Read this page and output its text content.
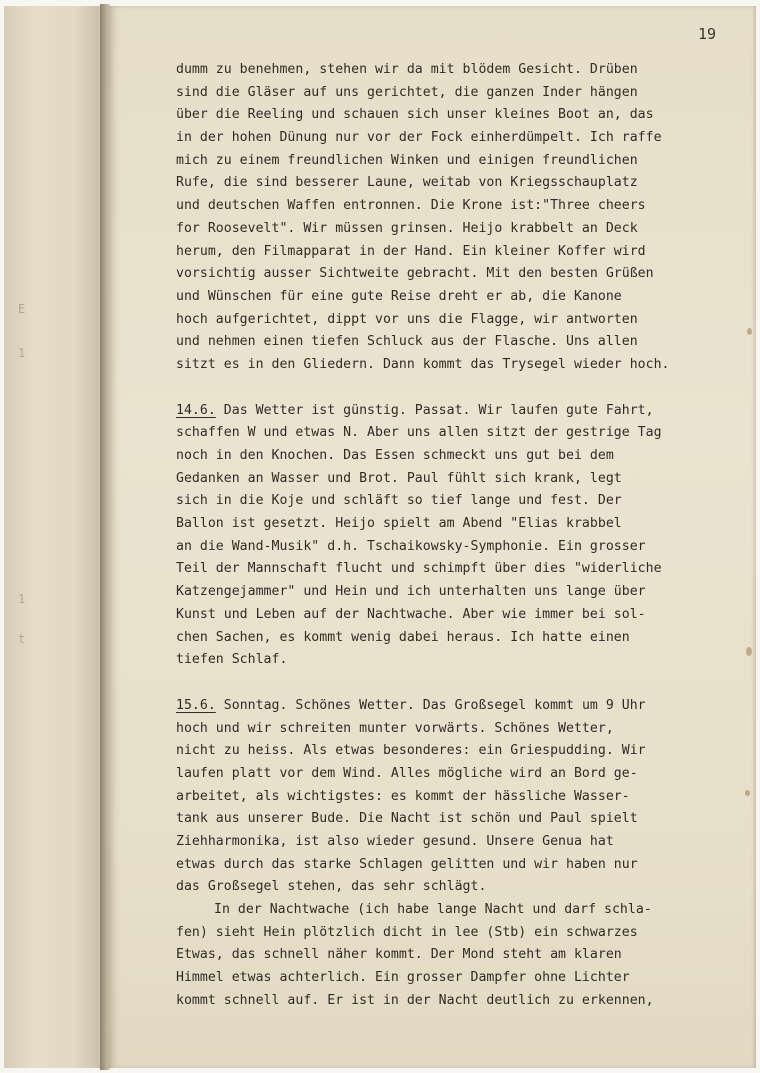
E
1
1
t
19
dumm zu benehmen, stehen wir da mit blödem Gesicht. Drüben
sind die Gläser auf uns gerichtet, die ganzen Inder hängen
über die Reeling und schauen sich unser kleines Boot an, das
in der hohen Dünung nur vor der Fock einherdümpelt. Ich raffe
mich zu einem freundlichen Winken und einigen freundlichen
Rufe, die sind besserer Laune, weitab von Kriegsschauplatz
und deutschen Waffen entronnen. Die Krone ist:"Three cheers
for Roosevelt". Wir müssen grinsen. Heijo krabbelt an Deck
herum, den Filmapparat in der Hand. Ein kleiner Koffer wird
vorsichtig ausser Sichtweite gebracht. Mit den besten Grüßen
und Wünschen für eine gute Reise dreht er ab, die Kanone
hoch aufgerichtet, dippt vor uns die Flagge, wir antworten
und nehmen einen tiefen Schluck aus der Flasche. Uns allen
sitzt es in den Gliedern. Dann kommt das Trysegel wieder hoch.
14.6. Das Wetter ist günstig. Passat. Wir laufen gute Fahrt,
schaffen W und etwas N. Aber uns allen sitzt der gestrige Tag
noch in den Knochen. Das Essen schmeckt uns gut bei dem
Gedanken an Wasser und Brot. Paul fühlt sich krank, legt
sich in die Koje und schläft so tief lange und fest. Der
Ballon ist gesetzt. Heijo spielt am Abend "Elias krabbel
an die Wand-Musik" d.h. Tschaikowsky-Symphonie. Ein grosser
Teil der Mannschaft flucht und schimpft über dies "widerliche
Katzengejammer" und Hein und ich unterhalten uns lange über
Kunst und Leben auf der Nachtwache. Aber wie immer bei sol-
chen Sachen, es kommt wenig dabei heraus. Ich hatte einen
tiefen Schlaf.
15.6. Sonntag. Schönes Wetter. Das Großsegel kommt um 9 Uhr
hoch und wir schreiten munter vorwärts. Schönes Wetter,
nicht zu heiss. Als etwas besonderes: ein Griespudding. Wir
laufen platt vor dem Wind. Alles mögliche wird an Bord ge-
arbeitet, als wichtigstes: es kommt der hässliche Wasser-
tank aus unserer Bude. Die Nacht ist schön und Paul spielt
Ziehharmonika, ist also wieder gesund. Unsere Genua hat
etwas durch das starke Schlagen gelitten und wir haben nur
das Großsegel stehen, das sehr schlägt.
In der Nachtwache (ich habe lange Nacht und darf schla-
fen) sieht Hein plötzlich dicht in lee (Stb) ein schwarzes
Etwas, das schnell näher kommt. Der Mond steht am klaren
Himmel etwas achterlich. Ein grosser Dampfer ohne Lichter
kommt schnell auf. Er ist in der Nacht deutlich zu erkennen,
